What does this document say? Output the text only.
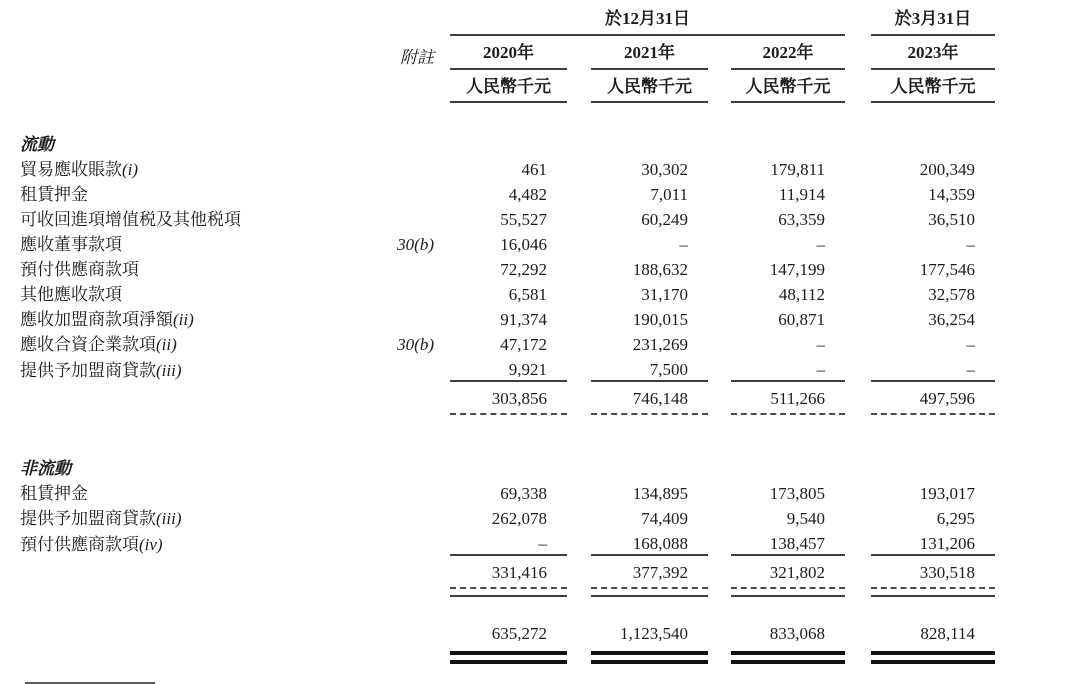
			於12月31日						於3月31日
	附註		2020年		2021年		2022年		2023年
			人民幣千元		人民幣千元		人民幣千元		人民幣千元

流動									
貿易應收賬款(i)			461		30,302		179,811		200,349
租賃押金			4,482		7,011		11,914		14,359
可收回進項增值税及其他税項			55,527		60,249		63,359		36,510
應收董事款項	30(b)		16,046		–		–		–
預付供應商款項			72,292		188,632		147,199		177,546
其他應收款項			6,581		31,170		48,112		32,578
應收加盟商款項淨額(ii)			91,374		190,015		60,871		36,254
應收合資企業款項(ii)	30(b)		47,172		231,269		–		–
提供予加盟商貸款(iii)			9,921		7,500		–		–
			303,856		746,148		511,266		497,596

非流動									
租賃押金			69,338		134,895		173,805		193,017
提供予加盟商貸款(iii)			262,078		74,409		9,540		6,295
預付供應商款項(iv)			–		168,088		138,457		131,206
			331,416		377,392		321,802		330,518

			635,272		1,123,540		833,068		828,114
